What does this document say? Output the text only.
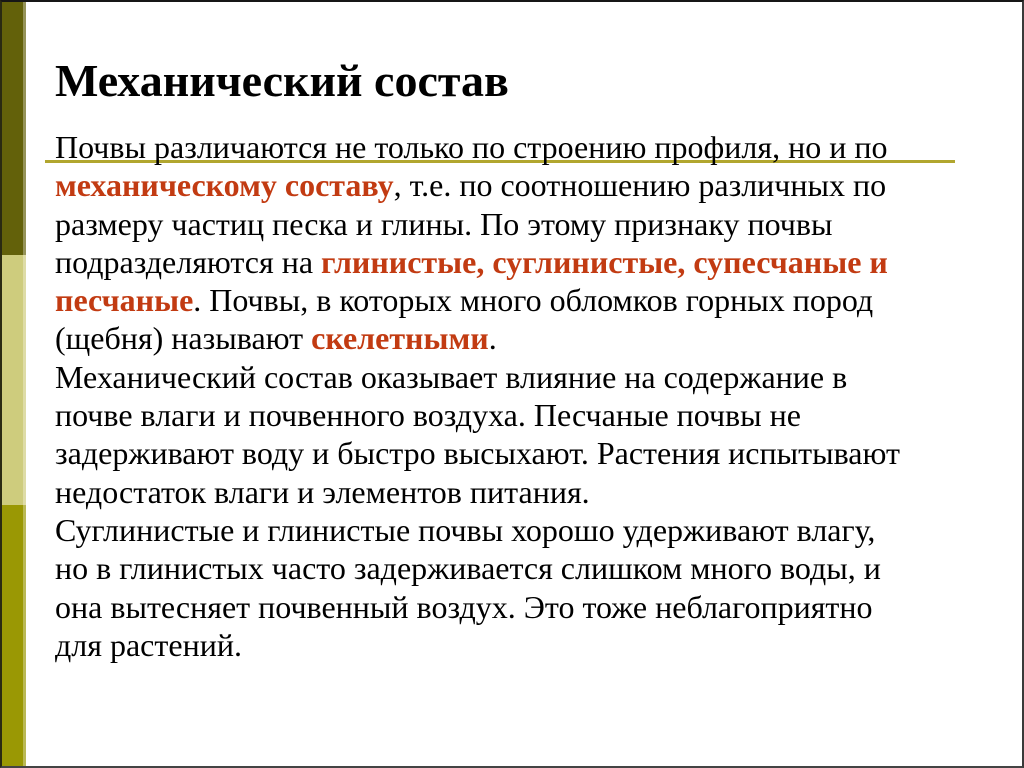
Механический состав
Почвы различаются не только по строению профиля, но и по
механическому составу, т.е. по соотношению различных по
размеру частиц песка и глины. По этому признаку почвы
подразделяются на глинистые, суглинистые, супесчаные и
песчаные. Почвы, в которых много обломков горных пород
(щебня) называют скелетными.
Механический состав оказывает влияние на содержание в
почве влаги и почвенного воздуха. Песчаные почвы не
задерживают воду и быстро высыхают. Растения испытывают
недостаток влаги и элементов питания.
Суглинистые и глинистые почвы хорошо удерживают влагу,
но в глинистых часто задерживается слишком много воды, и
она вытесняет почвенный воздух. Это тоже неблагоприятно
для растений.
